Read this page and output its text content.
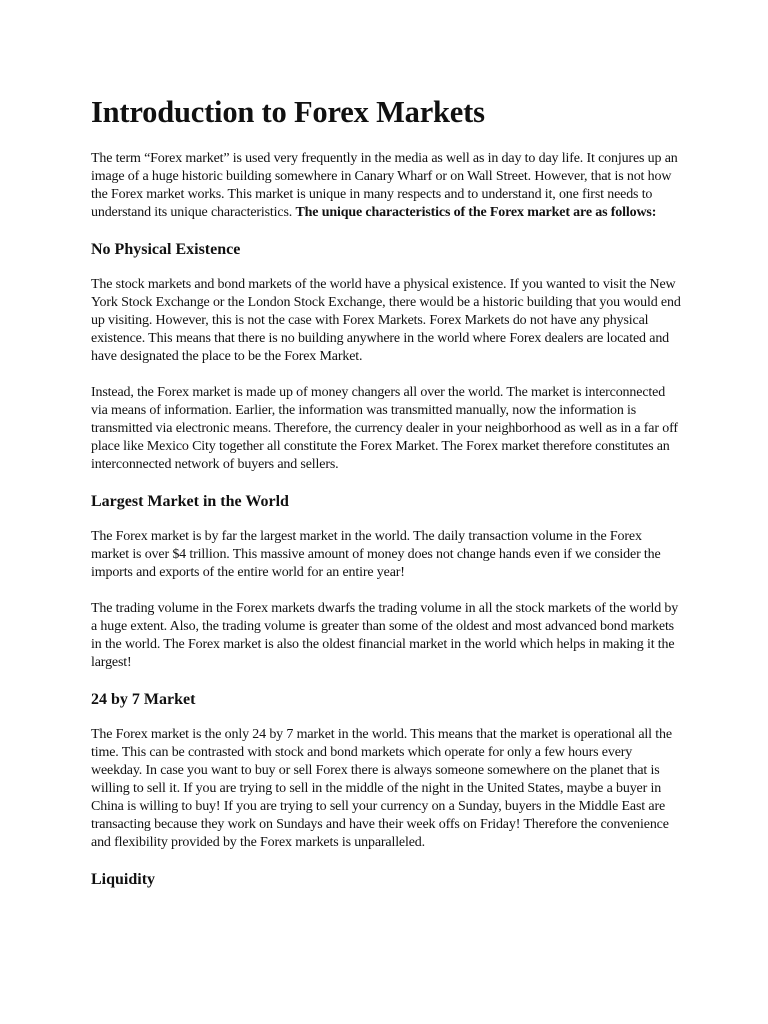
Introduction to Forex Markets

The term “Forex market” is used very frequently in the media as well as in day to day life. It conjures up an image of a huge historic building somewhere in Canary Wharf or on Wall Street. However, that is not how the Forex market works. This market is unique in many respects and to understand it, one first needs to understand its unique characteristics. The unique characteristics of the Forex market are as follows:

No Physical Existence

The stock markets and bond markets of the world have a physical existence. If you wanted to visit the New York Stock Exchange or the London Stock Exchange, there would be a historic building that you would end up visiting. However, this is not the case with Forex Markets. Forex Markets do not have any physical existence. This means that there is no building anywhere in the world where Forex dealers are located and have designated the place to be the Forex Market.

Instead, the Forex market is made up of money changers all over the world. The market is interconnected via means of information. Earlier, the information was transmitted manually, now the information is transmitted via electronic means. Therefore, the currency dealer in your neighborhood as well as in a far off place like Mexico City together all constitute the Forex Market. The Forex market therefore constitutes an interconnected network of buyers and sellers.

Largest Market in the World

The Forex market is by far the largest market in the world. The daily transaction volume in the Forex market is over $4 trillion. This massive amount of money does not change hands even if we consider the imports and exports of the entire world for an entire year!

The trading volume in the Forex markets dwarfs the trading volume in all the stock markets of the world by a huge extent. Also, the trading volume is greater than some of the oldest and most advanced bond markets in the world. The Forex market is also the oldest financial market in the world which helps in making it the largest!

24 by 7 Market

The Forex market is the only 24 by 7 market in the world. This means that the market is operational all the time. This can be contrasted with stock and bond markets which operate for only a few hours every weekday. In case you want to buy or sell Forex there is always someone somewhere on the planet that is willing to sell it. If you are trying to sell in the middle of the night in the United States, maybe a buyer in China is willing to buy! If you are trying to sell your currency on a Sunday, buyers in the Middle East are transacting because they work on Sundays and have their week offs on Friday! Therefore the convenience and flexibility provided by the Forex markets is unparalleled.

Liquidity
